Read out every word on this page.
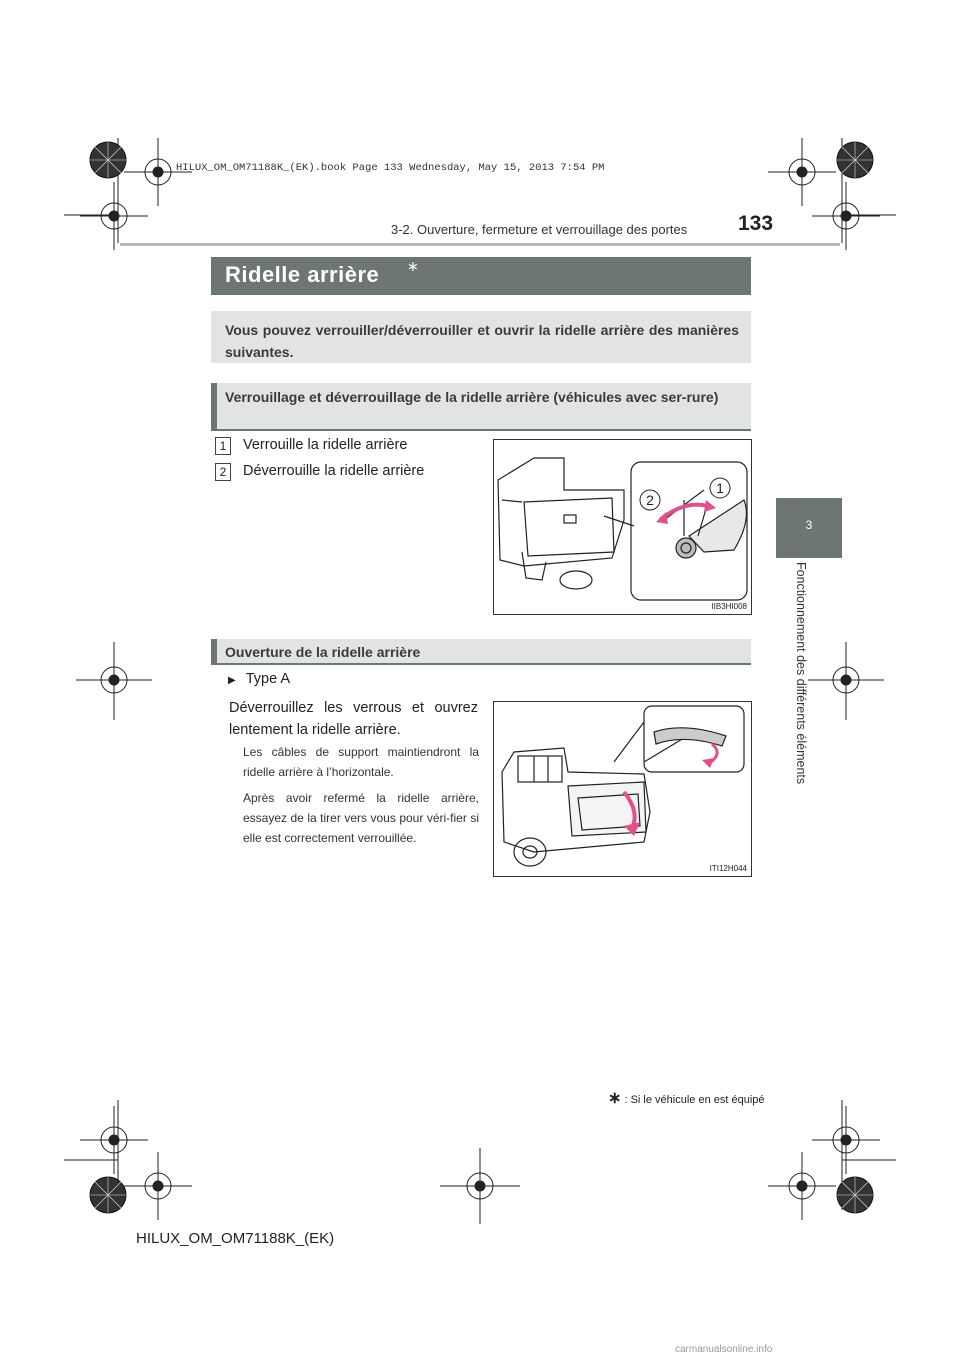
HILUX_OM_OM71188K_(EK).book Page 133 Wednesday, May 15, 2013 7:54 PM
3-2. Ouverture, fermeture et verrouillage des portes 133
3
Fonctionnement des différents éléments
Ridelle arrière ∗

Vous pouvez verrouiller/déverrouiller et ouvrir la ridelle arrière des manières suivantes.

Verrouillage et déverrouillage de la ridelle arrière (véhicules avec ser-rure)

1	Verrouille la ridelle arrière
2	Déverrouille la ridelle arrière
2
1
IIB3HI008

Ouverture de la ridelle arrière

▶ Type A
Déverrouillez les verrous et ouvrez lentement la ridelle arrière.
Les câbles de support maintiendront la ridelle arrière à l’horizontale.
Après avoir refermé la ridelle arrière, essayez de la tirer vers vous pour véri-fier si elle est correctement verrouillée.
ITI12H044
∗ : Si le véhicule en est équipé
HILUX_OM_OM71188K_(EK)
carmanualsonline.info
